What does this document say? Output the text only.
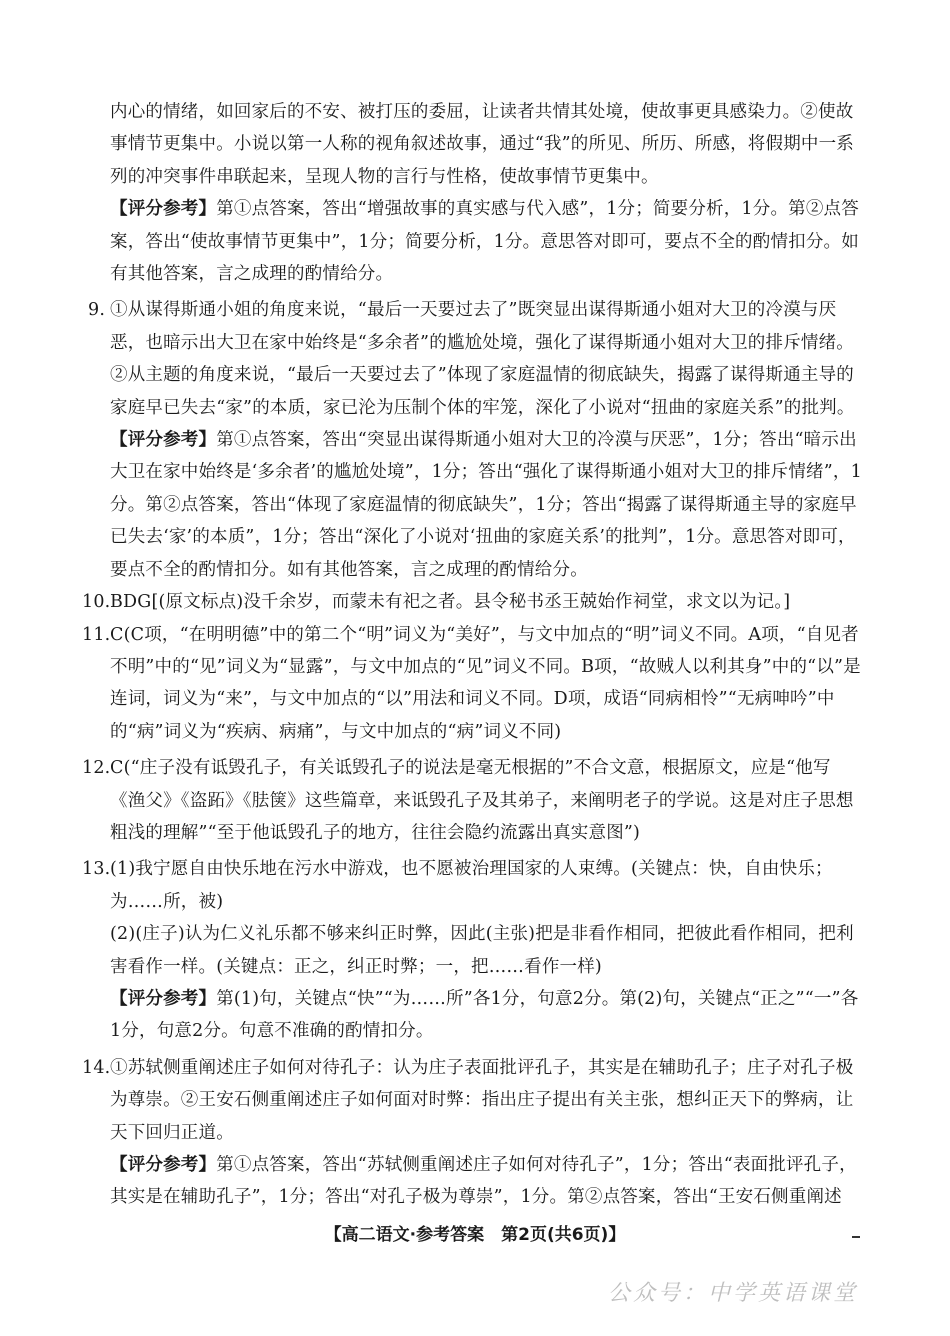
内心的情绪，如回家后的不安、被打压的委屈，让读者共情其处境，使故事更具感染力。②使故事情节更集中。小说以第一人称的视角叙述故事，通过“我”的所见、所历、所感，将假期中一系列的冲突事件串联起来，呈现人物的言行与性格，使故事情节更集中。

【评分参考】第①点答案，答出“增强故事的真实感与代入感”，1分；简要分析，1分。第②点答案，答出“使故事情节更集中”，1分；简要分析，1分。意思答对即可，要点不全的酌情扣分。如有其他答案，言之成理的酌情给分。

9. ①从谋得斯通小姐的角度来说，“最后一天要过去了”既突显出谋得斯通小姐对大卫的冷漠与厌恶，也暗示出大卫在家中始终是“多余者”的尴尬处境，强化了谋得斯通小姐对大卫的排斥情绪。②从主题的角度来说，“最后一天要过去了”体现了家庭温情的彻底缺失，揭露了谋得斯通主导的家庭早已失去“家”的本质，家已沦为压制个体的牢笼，深化了小说对“扭曲的家庭关系”的批判。

【评分参考】第①点答案，答出“突显出谋得斯通小姐对大卫的冷漠与厌恶”，1分；答出“暗示出大卫在家中始终是‘多余者’的尴尬处境”，1分；答出“强化了谋得斯通小姐对大卫的排斥情绪”，1分。第②点答案，答出“体现了家庭温情的彻底缺失”，1分；答出“揭露了谋得斯通主导的家庭早已失去‘家’的本质”，1分；答出“深化了小说对‘扭曲的家庭关系’的批判”，1分。意思答对即可，要点不全的酌情扣分。如有其他答案，言之成理的酌情给分。

10. BDG[(原文标点)没千余岁，而蒙未有祀之者。县令秘书丞王兢始作祠堂，求文以为记。]

11. C(C项，“在明明德”中的第二个“明”词义为“美好”，与文中加点的“明”词义不同。A项，“自见者不明”中的“见”词义为“显露”，与文中加点的“见”词义不同。B项，“故贼人以利其身”中的“以”是连词，词义为“来”，与文中加点的“以”用法和词义不同。D项，成语“同病相怜”“无病呻吟”中的“病”词义为“疾病、病痛”，与文中加点的“病”词义不同)

12. C(“庄子没有诋毁孔子，有关诋毁孔子的说法是毫无根据的”不合文意，根据原文，应是“他写《渔父》《盗跖》《胠箧》这些篇章，来诋毁孔子及其弟子，来阐明老子的学说。这是对庄子思想粗浅的理解”“至于他诋毁孔子的地方，往往会隐约流露出真实意图”)

13. (1)我宁愿自由快乐地在污水中游戏，也不愿被治理国家的人束缚。(关键点：快，自由快乐；为……所，被)

(2)(庄子)认为仁义礼乐都不够来纠正时弊，因此(主张)把是非看作相同，把彼此看作相同，把利害看作一样。(关键点：正之，纠正时弊；一，把……看作一样)

【评分参考】第(1)句，关键点“快”“为……所”各1分，句意2分。第(2)句，关键点“正之”“一”各1分，句意2分。句意不准确的酌情扣分。

14. ①苏轼侧重阐述庄子如何对待孔子：认为庄子表面批评孔子，其实是在辅助孔子；庄子对孔子极为尊崇。②王安石侧重阐述庄子如何面对时弊：指出庄子提出有关主张，想纠正天下的弊病，让天下回归正道。

【评分参考】第①点答案，答出“苏轼侧重阐述庄子如何对待孔子”，1分；答出“表面批评孔子，其实是在辅助孔子”，1分；答出“对孔子极为尊崇”，1分。第②点答案，答出“王安石侧重阐述

【高二语文·参考答案　第2页(共6页)】
公众号：中学英语课堂
